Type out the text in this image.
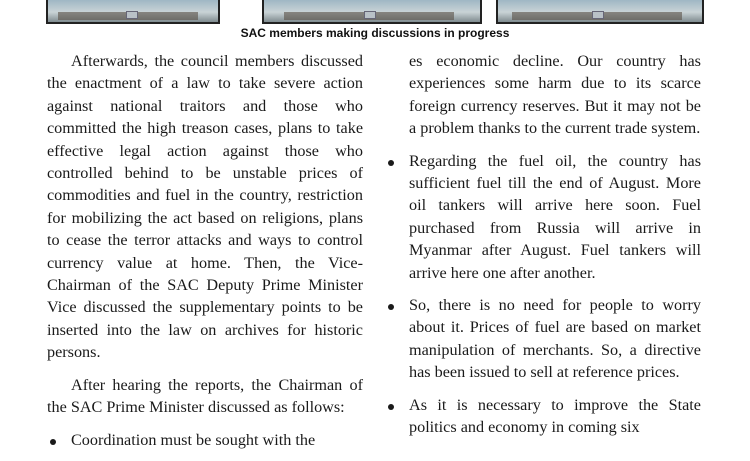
SAC members making discussions in progress

Afterwards, the council members discussed the enactment of a law to take severe action against national traitors and those who committed the high treason cases, plans to take effective legal action against those who controlled behind to be unstable prices of commodities and fuel in the country, restriction for mobilizing the act based on religions, plans to cease the terror attacks and ways to control currency value at home. Then, the Vice-Chairman of the SAC Deputy Prime Minister Vice discussed the supplementary points to be inserted into the law on archives for historic persons.

After hearing the reports, the Chairman of the SAC Prime Minister discussed as follows:

Coordination must be sought with the

es economic decline. Our country has experiences some harm due to its scarce foreign currency reserves. But it may not be a problem thanks to the current trade system.

Regarding the fuel oil, the country has sufficient fuel till the end of August. More oil tankers will arrive here soon. Fuel purchased from Russia will arrive in Myanmar after August. Fuel tankers will arrive here one after another.
So, there is no need for people to worry about it. Prices of fuel are based on market manipulation of merchants. So, a directive has been issued to sell at reference prices.
As it is necessary to improve the State politics and economy in coming six
